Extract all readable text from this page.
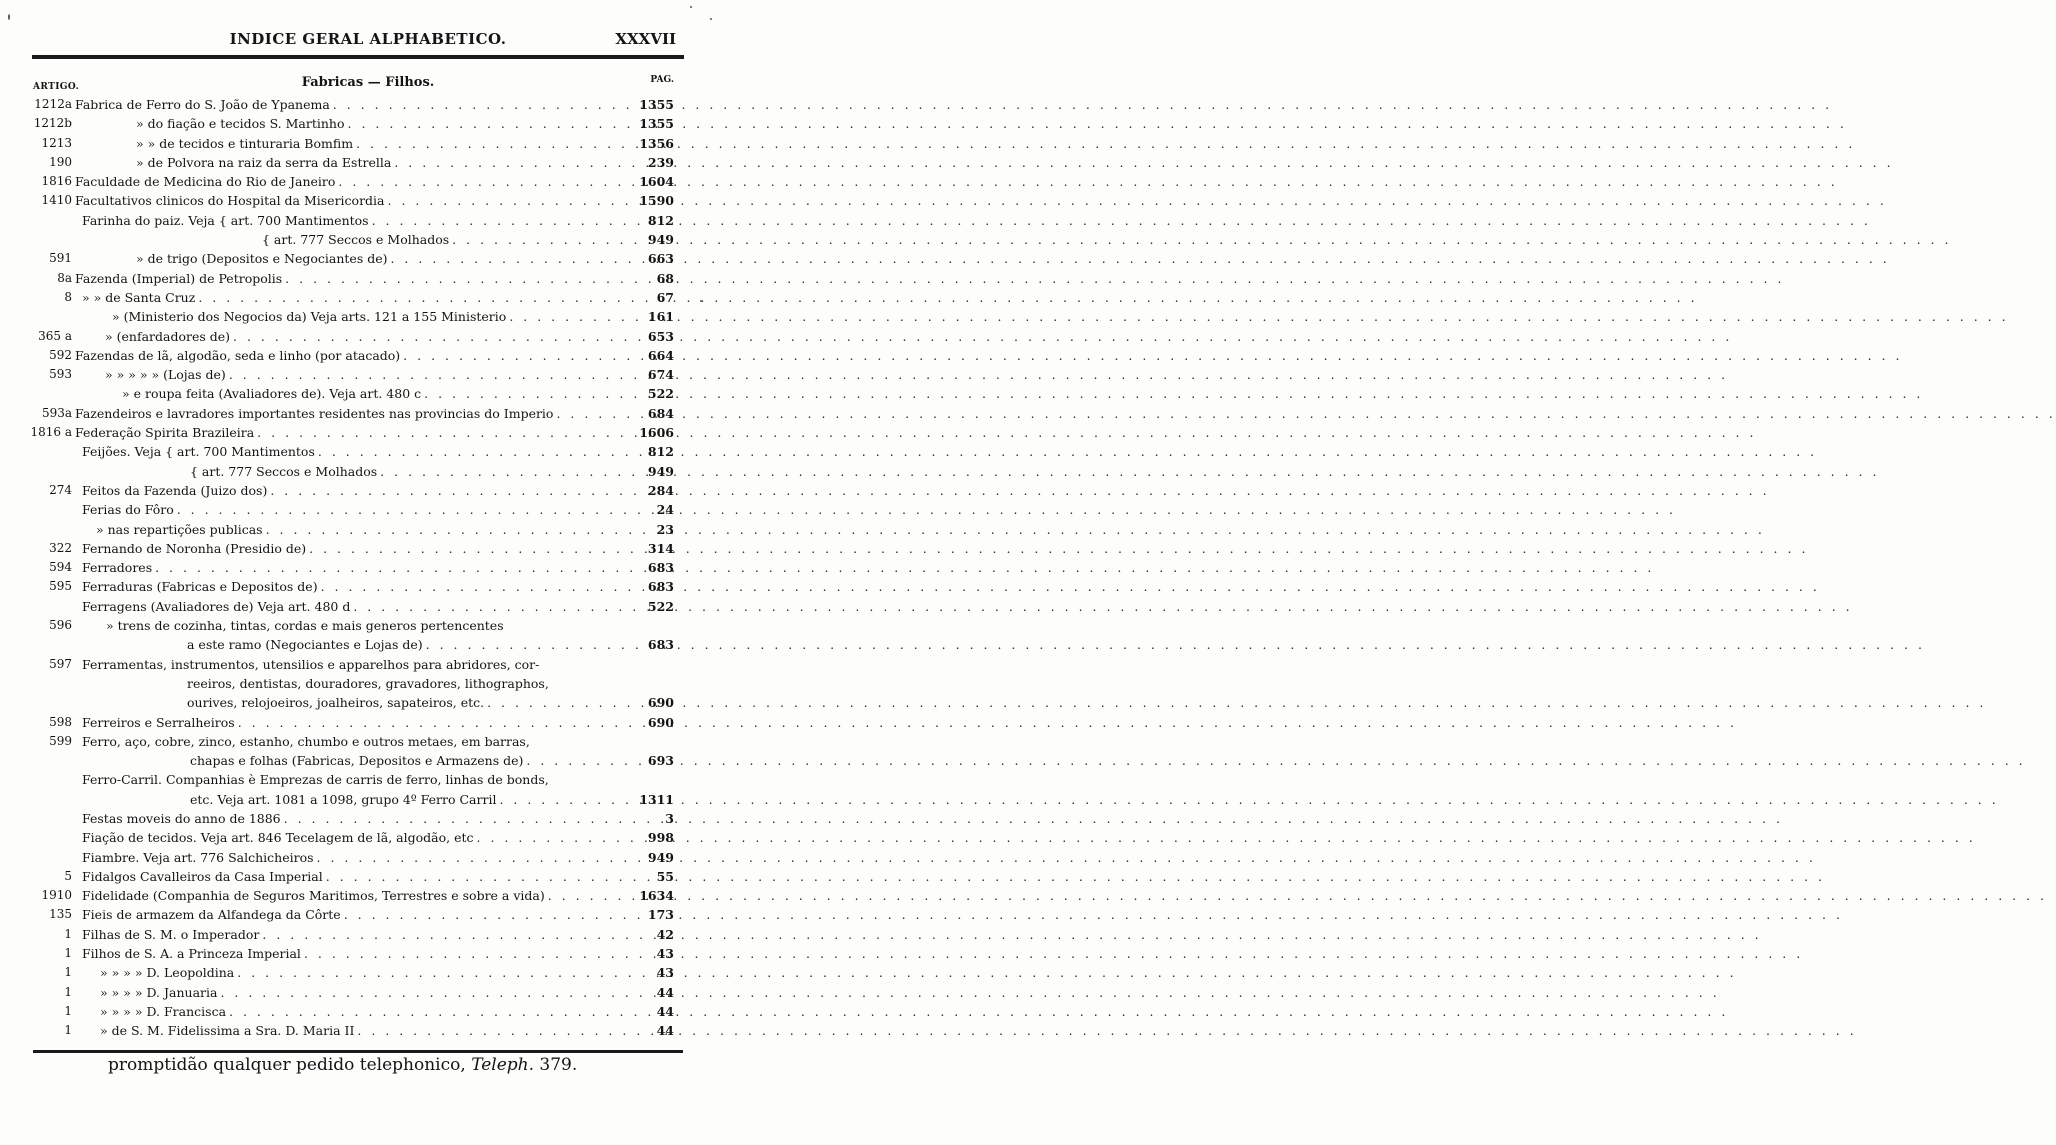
INDICE GERAL ALPHABETICO.	XXXVII
ARTIGO.	Fabricas — Filhos.	PAG.
1212a Fabrica de Ferro do S. João de Ypanema . . .	1355
1212b	» do fiação e tecidos S. Martinho . . .	1355
1213	» » de tecidos e tinturaria Bomfim . . .	1356
190	» de Polvora na raiz da serra da Estrella . . .	239
1816 Faculdade de Medicina do Rio de Janeiro . . .	1604
1410 Facultativos clinicos do Hospital da Misericordia . . .	1590
Farinha do paiz. Veja { art. 700 Mantimentos . . .	812
{ art. 777 Seccos e Molhados . . .	949
591	» de trigo (Depositos e Negociantes de) . . .	663
8a Fazenda (Imperial) de Petropolis . . .	68
8 » » de Santa Cruz . . .	67
» (Ministerio dos Negocios da) Veja arts. 121 a 155 Ministerio . . .	161
365 a	» (enfardadores de) . . .	653
592 Fazendas de lã, algodão, seda e linho (por atacado) . . .	664
593	» » » » » (Lojas de) . . .	674
» e roupa feita (Avaliadores de). Veja art. 480 c . . .	522
593a Fazendeiros e lavradores importantes residentes nas provincias do Imperio . . .	684
1816 a Federação Spirita Brazileira . . .	1606
Feijões. Veja { art. 700 Mantimentos . . .	812
{ art. 777 Seccos e Molhados . . .	949
274 Feitos da Fazenda (Juizo dos) . . .	284
Ferias do Fôro . . .	24
» nas repartições publicas . . .	23
322 Fernando de Noronha (Presidio de) . . .	314
594 Ferradores . . .	683
595 Ferraduras (Fabricas e Depositos de) . . .	683
Ferragens (Avaliadores de) Veja art. 480 d . . .	522
596	» trens de cozinha, tintas, cordas e mais generos pertencentes
a este ramo (Negociantes e Lojas de) . . .	683
597 Ferramentas, instrumentos, utensilios e apparelhos para abridores, cor-
reeiros, dentistas, douradores, gravadores, lithographos,
ourives, relojoeiros, joalheiros, sapateiros, etc. . . .	690
598 Ferreiros e Serralheiros . . .	690
599 Ferro, aço, cobre, zinco, estanho, chumbo e outros metaes, em barras,
chapas e folhas (Fabricas, Depositos e Armazens de) . . .	693
Ferro-Carril. Companhias è Emprezas de carris de ferro, linhas de bonds,
etc. Veja art. 1081 a 1098, grupo 4º Ferro Carril . . .	1311
Festas moveis do anno de 1886 . . .	3
Fiação de tecidos. Veja art. 846 Tecelagem de lã, algodão, etc . . .	998
Fiambre. Veja art. 776 Salchicheiros . . .	949
5 Fidalgos Cavalleiros da Casa Imperial . . .	55
1910 Fidelidade (Companhia de Seguros Maritimos, Terrestres e sobre a vida) . . .	1634
135 Fieis de armazem da Alfandega da Côrte . . .	173
1 Filhas de S. M. o Imperador . . .	42
1 Filhos de S. A. a Princeza Imperial . . .	43
1 » » » » D. Leopoldina . . .	43
1 » » » » D. Januaria . . .	44
1 » » » » D. Francisca . . .	44
1 » de S. M. Fidelissima a Sra. D. Maria II . . .	44
promptidão qualquer pedido telephonico, Teleph. 379.
